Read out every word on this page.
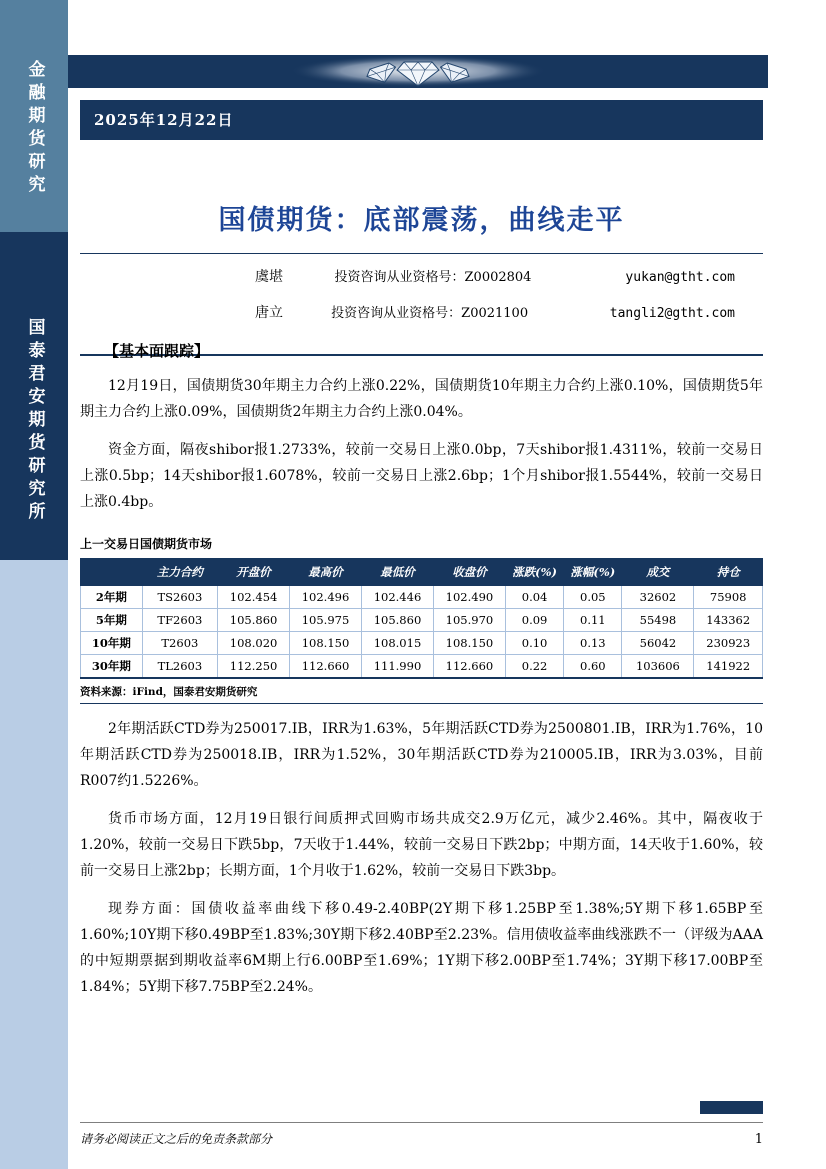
金融期货研究
国泰君安期货研究所
2025年12月22日
国债期货：底部震荡，曲线走平
虞堪	投资咨询从业资格号：Z0002804	yukan@gtht.com
唐立	投资咨询从业资格号：Z0021100	tangli2@gtht.com
【基本面跟踪】

12月19日，国债期货30年期主力合约上涨0.22%，国债期货10年期主力合约上涨0.10%，国债期货5年期主力合约上涨0.09%，国债期货2年期主力合约上涨0.04%。

资金方面，隔夜shibor报1.2733%，较前一交易日上涨0.0bp，7天shibor报1.4311%，较前一交易日上涨0.5bp；14天shibor报1.6078%，较前一交易日上涨2.6bp；1个月shibor报1.5544%，较前一交易日上涨0.4bp。

上一交易日国债期货市场
	主力合约	开盘价	最高价	最低价	收盘价	涨跌(%)	涨幅(%)	成交	持仓
2年期	TS2603	102.454	102.496	102.446	102.490	0.04	0.05	32602	75908
5年期	TF2603	105.860	105.975	105.860	105.970	0.09	0.11	55498	143362
10年期	T2603	108.020	108.150	108.015	108.150	0.10	0.13	56042	230923
30年期	TL2603	112.250	112.660	111.990	112.660	0.22	0.60	103606	141922
资料来源：iFind，国泰君安期货研究

2年期活跃CTD券为250017.IB，IRR为1.63%，5年期活跃CTD券为2500801.IB，IRR为1.76%，10年期活跃CTD券为250018.IB，IRR为1.52%，30年期活跃CTD券为210005.IB，IRR为3.03%，目前R007约1.5226%。

货币市场方面，12月19日银行间质押式回购市场共成交2.9万亿元，减少2.46%。其中，隔夜收于1.20%，较前一交易日下跌5bp，7天收于1.44%，较前一交易日下跌2bp；中期方面，14天收于1.60%，较前一交易日上涨2bp；长期方面，1个月收于1.62%，较前一交易日下跌3bp。

现券方面：国债收益率曲线下移0.49-2.40BP(2Y期下移1.25BP至1.38%;5Y期下移1.65BP至1.60%;10Y期下移0.49BP至1.83%;30Y期下移2.40BP至2.23%。信用债收益率曲线涨跌不一（评级为AAA的中短期票据到期收益率6M期上行6.00BP至1.69%；1Y期下移2.00BP至1.74%；3Y期下移17.00BP至1.84%；5Y期下移7.75BP至2.24%。

请务必阅读正文之后的免责条款部分	1
